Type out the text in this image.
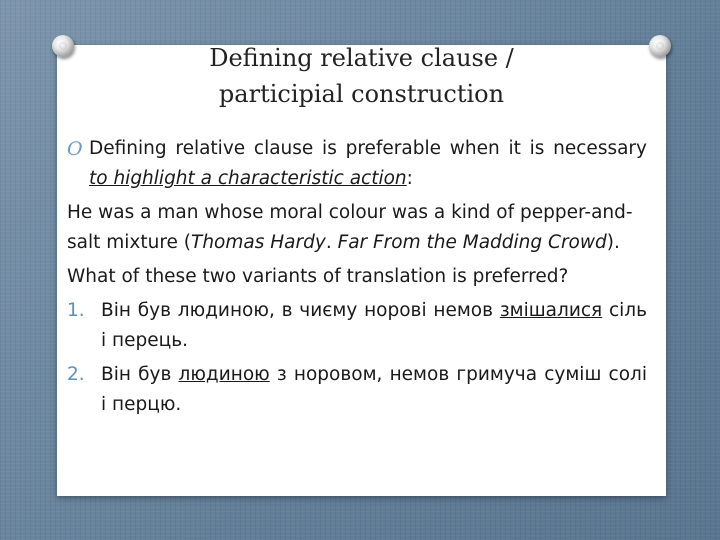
Defining relative clause /
participial construction
O Defining relative clause is preferable when it is necessary to highlight a characteristic action:

He was a man whose moral colour was a kind of pepper-and-salt mixture (Thomas Hardy. Far From the Madding Crowd).

What of these two variants of translation is preferred?

1. Він був людиною, в чиєму норові немов змішалися сіль і перець.
2. Він був людиною з норовом, немов гримуча суміш солі і перцю.
